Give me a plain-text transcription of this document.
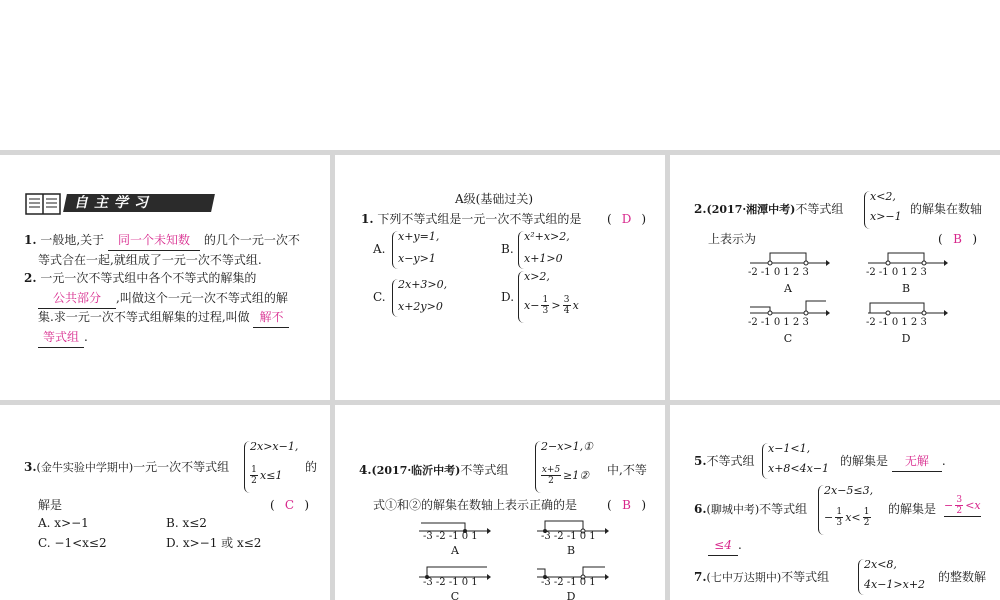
自主学习
1. 一般地,关于 同一个未知数 的几个一元一次不
等式合在一起,就组成了一元一次不等式组.
2. 一元一次不等式组中各个不等式的解集的
公共部分 ,叫做这个一元一次不等式组的解
集.求一元一次不等式组解集的过程,叫做 解不
等式组 .
A级(基础过关)
1. 下列不等式组是一元一次不等式组的是 ( D )
A.
x+y=1,
x−y>1
B.
x²+x>2,
x+1>0
C.
2x+3>0,
x+2y>0
D.
x>2,
x− 1
3 > 3
4 x
2.(2017·湘潭中考)不等式组
x<2,
x>−1
的解集在数轴
上表示为	( B )
-2 -1 0 1 2 3
A
-2 -1 0 1 2 3
B
-2 -1 0 1 2 3
C
-2 -1 0 1 2 3
D
3.(金牛实验中学期中)一元一次不等式组
2x>x−1,
1
2 x≤1
的
解是	( C )
A. x>−1	B. x≤2
C. −1<x≤2	D. x>−1 或 x≤2
4.(2017·临沂中考)不等式组
2−x>1,①
x+5
2 ≥1② 中,不等
式①和②的解集在数轴上表示正确的是 ( B )
-3 -2 -1 0 1
A
-3 -2 -1 0 1
B
-3 -2 -1 0 1
C
-3 -2 -1 0 1
D
5.不等式组
x−1<1,
x+8<4x−1
的解集是 无解 .
6.(聊城中考)不等式组
2x−5≤3,
− 1
3 x< 1
2
的解集是 − 3
2 <x
≤4 .
7.(七中万达期中)不等式组
2x<8,
4x−1>x+2
的整数解
